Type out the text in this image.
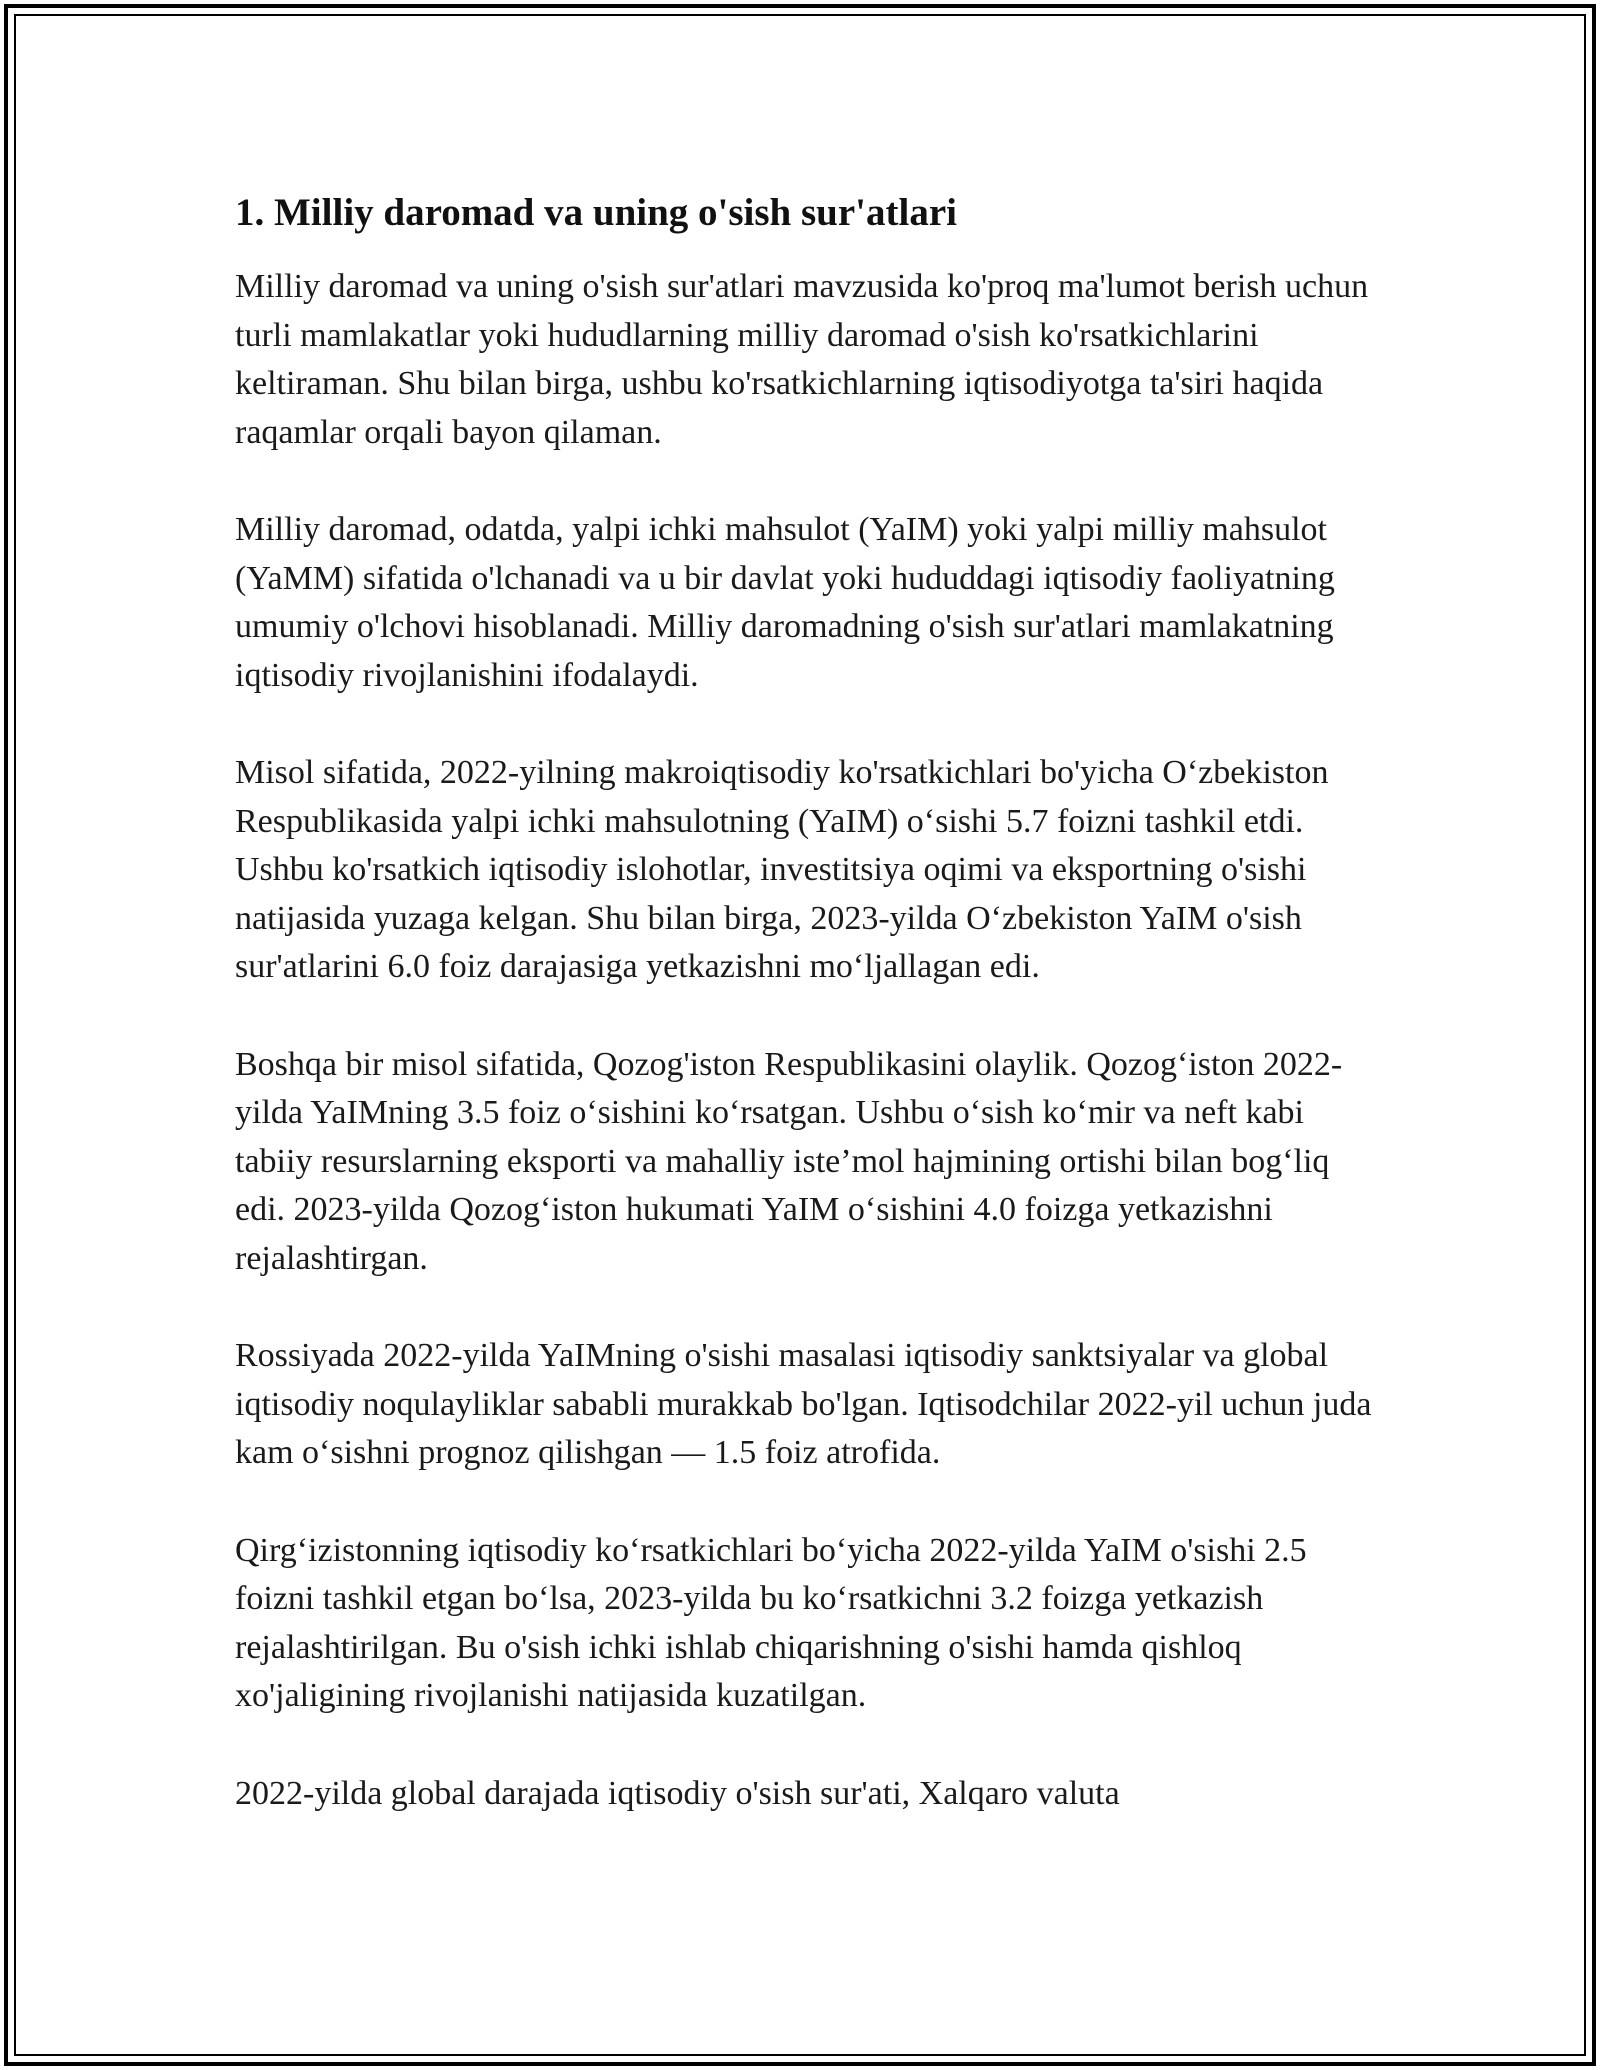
1. Milliy daromad va uning o'sish sur'atlari

Milliy daromad va uning o'sish sur'atlari mavzusida ko'proq ma'lumot berish uchun turli mamlakatlar yoki hududlarning milliy daromad o'sish ko'rsatkichlarini keltiraman. Shu bilan birga, ushbu ko'rsatkichlarning iqtisodiyotga ta'siri haqida raqamlar orqali bayon qilaman.

Milliy daromad, odatda, yalpi ichki mahsulot (YaIM) yoki yalpi milliy mahsulot (YaMM) sifatida o'lchanadi va u bir davlat yoki hududdagi iqtisodiy faoliyatning umumiy o'lchovi hisoblanadi. Milliy daromadning o'sish sur'atlari mamlakatning iqtisodiy rivojlanishini ifodalaydi.

Misol sifatida, 2022-yilning makroiqtisodiy ko'rsatkichlari bo'yicha O‘zbekiston Respublikasida yalpi ichki mahsulotning (YaIM) o‘sishi 5.7 foizni tashkil etdi. Ushbu ko'rsatkich iqtisodiy islohotlar, investitsiya oqimi va eksportning o'sishi natijasida yuzaga kelgan. Shu bilan birga, 2023-yilda O‘zbekiston YaIM o'sish sur'atlarini 6.0 foiz darajasiga yetkazishni mo‘ljallagan edi.

Boshqa bir misol sifatida, Qozog'iston Respublikasini olaylik. Qozog‘iston 2022-yilda YaIMning 3.5 foiz o‘sishini ko‘rsatgan. Ushbu o‘sish ko‘mir va neft kabi tabiiy resurslarning eksporti va mahalliy iste’mol hajmining ortishi bilan bog‘liq edi. 2023-yilda Qozog‘iston hukumati YaIM o‘sishini 4.0 foizga yetkazishni rejalashtirgan.

Rossiyada 2022-yilda YaIMning o'sishi masalasi iqtisodiy sanktsiyalar va global iqtisodiy noqulayliklar sababli murakkab bo'lgan. Iqtisodchilar 2022-yil uchun juda kam o‘sishni prognoz qilishgan — 1.5 foiz atrofida.

Qirg‘izistonning iqtisodiy ko‘rsatkichlari bo‘yicha 2022-yilda YaIM o'sishi 2.5 foizni tashkil etgan bo‘lsa, 2023-yilda bu ko‘rsatkichni 3.2 foizga yetkazish rejalashtirilgan. Bu o'sish ichki ishlab chiqarishning o'sishi hamda qishloq xo'jaligining rivojlanishi natijasida kuzatilgan.

2022-yilda global darajada iqtisodiy o'sish sur'ati, Xalqaro valuta
